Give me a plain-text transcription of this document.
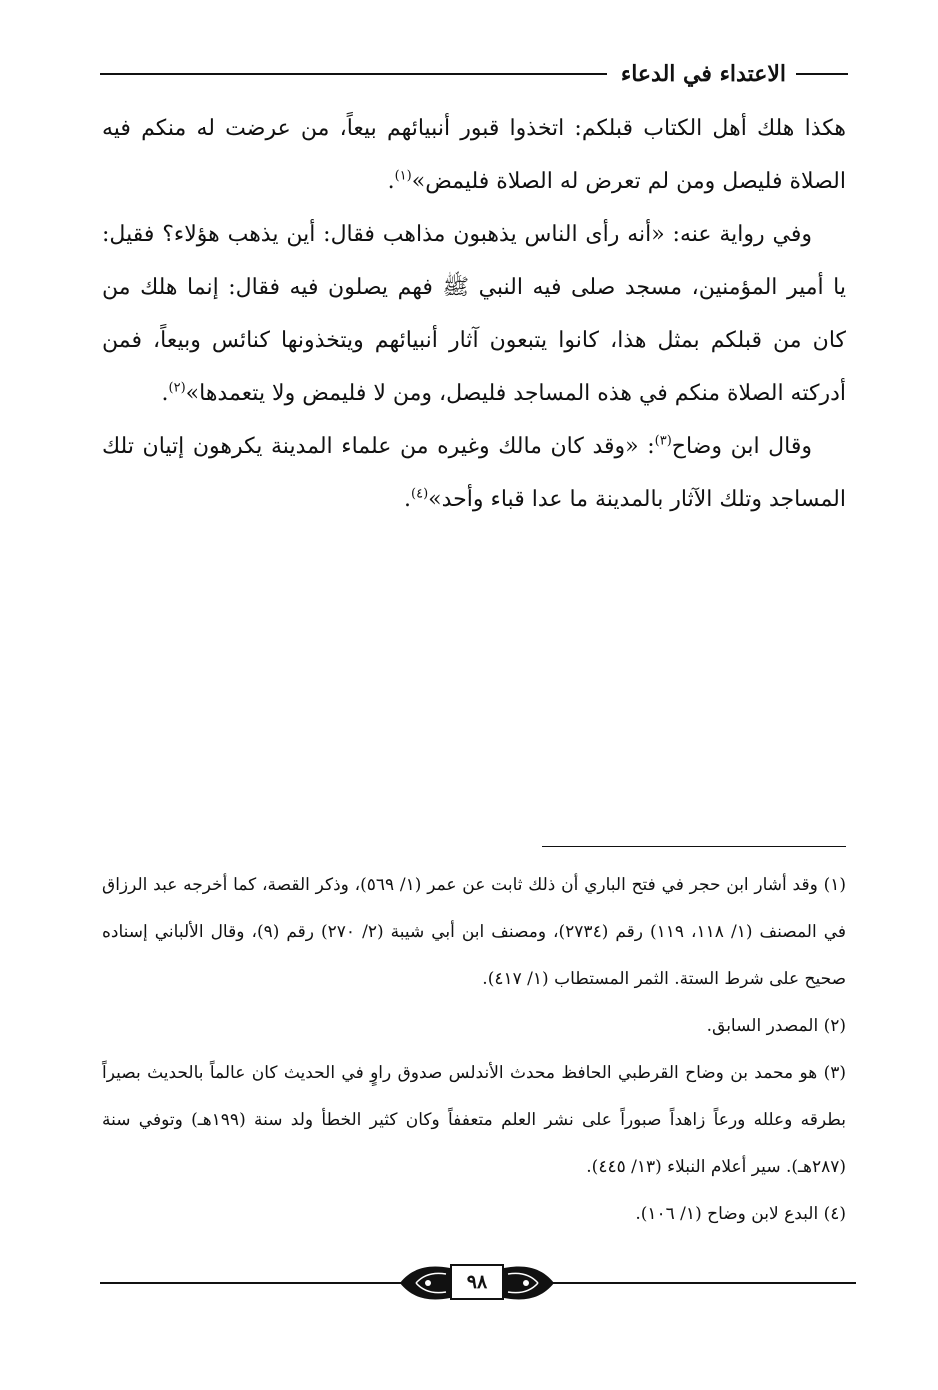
الاعتداء في الدعاء

هكذا هلك أهل الكتاب قبلكم: اتخذوا قبور أنبيائهم بيعاً، من عرضت له منكم فيه الصلاة فليصل ومن لم تعرض له الصلاة فليمض»$^{(١)}$.

وفي رواية عنه: «أنه رأى الناس يذهبون مذاهب فقال: أين يذهب هؤلاء؟ فقيل: يا أمير المؤمنين، مسجد صلى فيه النبي ﷺ فهم يصلون فيه فقال: إنما هلك من كان من قبلكم بمثل هذا، كانوا يتبعون آثار أنبيائهم ويتخذونها كنائس وبيعاً، فمن أدركته الصلاة منكم في هذه المساجد فليصل، ومن لا فليمض ولا يتعمدها»$^{(٢)}$.

وقال ابن وضاح$^{(٣)}$: «وقد كان مالك وغيره من علماء المدينة يكرهون إتيان تلك المساجد وتلك الآثار بالمدينة ما عدا قباء وأحد»$^{(٤)}$.

(١) وقد أشار ابن حجر في فتح الباري أن ذلك ثابت عن عمر (١/ ٥٦٩)، وذكر القصة، كما أخرجه عبد الرزاق في المصنف (١/ ١١٨، ١١٩) رقم (٢٧٣٤)، ومصنف ابن أبي شيبة (٢/ ٢٧٠) رقم (٩)، وقال الألباني إسناده صحيح على شرط الستة. الثمر المستطاب (١/ ٤١٧).

(٢) المصدر السابق.

(٣) هو محمد بن وضاح القرطبي الحافظ محدث الأندلس صدوق راوٍ في الحديث كان عالماً بالحديث بصيراً بطرقه وعلله ورعاً زاهداً صبوراً على نشر العلم متعففاً وكان كثير الخطأ ولد سنة (١٩٩هـ) وتوفي سنة (٢٨٧هـ). سير أعلام النبلاء (١٣/ ٤٤٥).

(٤) البدع لابن وضاح (١/ ١٠٦).

٩٨
